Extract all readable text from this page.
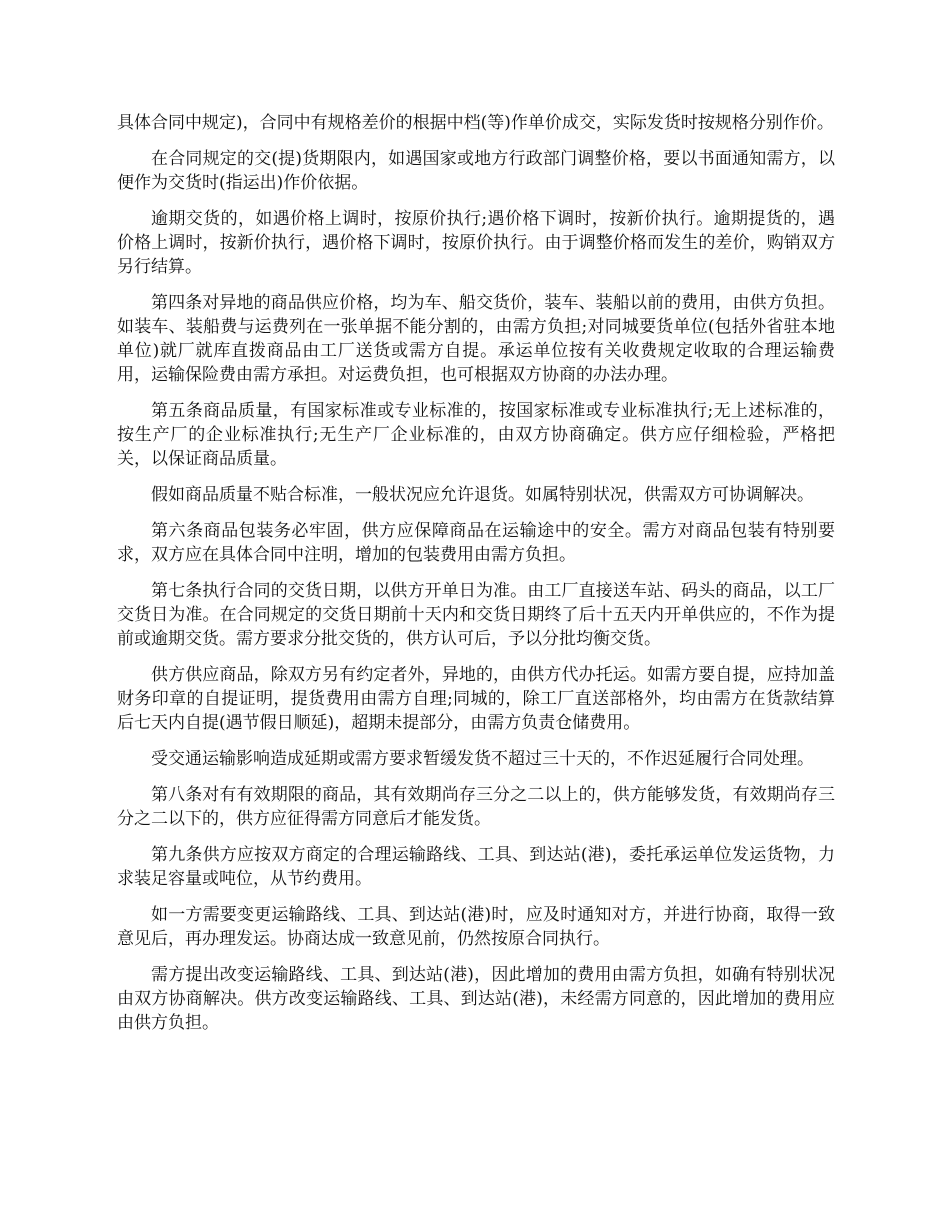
具体合同中规定)，合同中有规格差价的根据中档(等)作单价成交，实际发货时按规格分别作价。

在合同规定的交(提)货期限内，如遇国家或地方行政部门调整价格，要以书面通知需方，以便作为交货时(指运出)作价依据。

逾期交货的，如遇价格上调时，按原价执行;遇价格下调时，按新价执行。逾期提货的，遇价格上调时，按新价执行，遇价格下调时，按原价执行。由于调整价格而发生的差价，购销双方另行结算。

第四条对异地的商品供应价格，均为车、船交货价，装车、装船以前的费用，由供方负担。如装车、装船费与运费列在一张单据不能分割的，由需方负担;对同城要货单位(包括外省驻本地单位)就厂就库直拨商品由工厂送货或需方自提。承运单位按有关收费规定收取的合理运输费用，运输保险费由需方承担。对运费负担，也可根据双方协商的办法办理。

第五条商品质量，有国家标准或专业标准的，按国家标准或专业标准执行;无上述标准的，按生产厂的企业标准执行;无生产厂企业标准的，由双方协商确定。供方应仔细检验，严格把关，以保证商品质量。

假如商品质量不贴合标准，一般状况应允许退货。如属特别状况，供需双方可协调解决。

第六条商品包装务必牢固，供方应保障商品在运输途中的安全。需方对商品包装有特别要求，双方应在具体合同中注明，增加的包装费用由需方负担。

第七条执行合同的交货日期，以供方开单日为准。由工厂直接送车站、码头的商品，以工厂交货日为准。在合同规定的交货日期前十天内和交货日期终了后十五天内开单供应的，不作为提前或逾期交货。需方要求分批交货的，供方认可后，予以分批均衡交货。

供方供应商品，除双方另有约定者外，异地的，由供方代办托运。如需方要自提，应持加盖财务印章的自提证明，提货费用由需方自理;同城的，除工厂直送部格外，均由需方在货款结算后七天内自提(遇节假日顺延)，超期未提部分，由需方负责仓储费用。

受交通运输影响造成延期或需方要求暂缓发货不超过三十天的，不作迟延履行合同处理。

第八条对有有效期限的商品，其有效期尚存三分之二以上的，供方能够发货，有效期尚存三分之二以下的，供方应征得需方同意后才能发货。

第九条供方应按双方商定的合理运输路线、工具、到达站(港)，委托承运单位发运货物，力求装足容量或吨位，从节约费用。

如一方需要变更运输路线、工具、到达站(港)时，应及时通知对方，并进行协商，取得一致意见后，再办理发运。协商达成一致意见前，仍然按原合同执行。

需方提出改变运输路线、工具、到达站(港)，因此增加的费用由需方负担，如确有特别状况由双方协商解决。供方改变运输路线、工具、到达站(港)，未经需方同意的，因此增加的费用应由供方负担。
